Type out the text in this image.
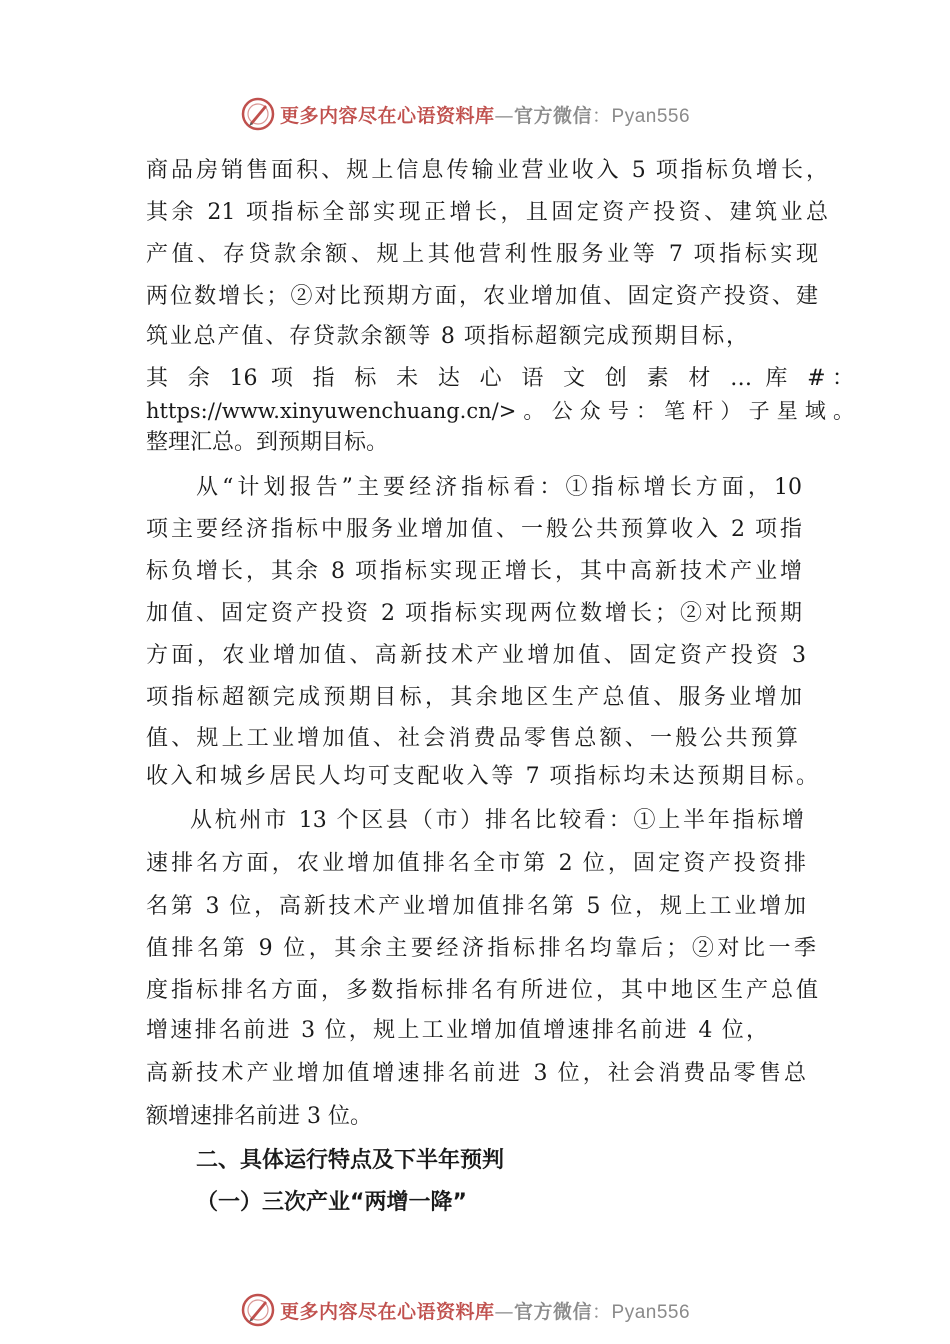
更多内容尽在心语资料库—官方微信：Pyan556
商品房销售面积、规上信息传输业营业收入 5 项指标负增长，
其余 21 项指标全部实现正增长，且固定资产投资、建筑业总
产值、存贷款余额、规上其他营利性服务业等 7 项指标实现
两位数增长；②对比预期方面，农业增加值、固定资产投资、建
筑业总产值、存贷款余额等 8 项指标超额完成预期目标，
其 余 16 项 指 标 未 达 心 语 文 创 素 材 … 库 #：
https://www.xinyuwenchuang.cn/>。公众号：笔杆）子星域。
整理汇总。到预期目标。
从“计划报告”主要经济指标看：①指标增长方面，10
项主要经济指标中服务业增加值、一般公共预算收入 2 项指
标负增长，其余 8 项指标实现正增长，其中高新技术产业增
加值、固定资产投资 2 项指标实现两位数增长；②对比预期
方面，农业增加值、高新技术产业增加值、固定资产投资 3
项指标超额完成预期目标，其余地区生产总值、服务业增加
值、规上工业增加值、社会消费品零售总额、一般公共预算
收入和城乡居民人均可支配收入等 7 项指标均未达预期目标。
从杭州市 13 个区县（市）排名比较看：①上半年指标增
速排名方面，农业增加值排名全市第 2 位，固定资产投资排
名第 3 位，高新技术产业增加值排名第 5 位，规上工业增加
值排名第 9 位，其余主要经济指标排名均靠后；②对比一季
度指标排名方面，多数指标排名有所进位，其中地区生产总值
增速排名前进 3 位，规上工业增加值增速排名前进 4 位，
高新技术产业增加值增速排名前进 3 位，社会消费品零售总
额增速排名前进 3 位。
二、具体运行特点及下半年预判
（一）三次产业“两增一降”
更多内容尽在心语资料库—官方微信：Pyan556
